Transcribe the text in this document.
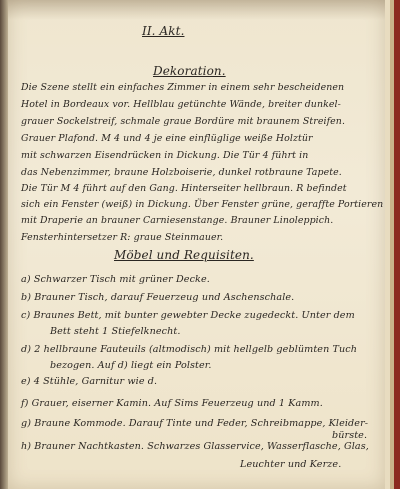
II. Akt.
Dekoration.
Die Szene stellt ein einfaches Zimmer in einem sehr bescheidenen
Hotel in Bordeaux vor. Hellblau getünchte Wände, breiter dunkel-
grauer Sockelstreif, schmale graue Bordüre mit braunem Streifen.
Grauer Plafond. M 4 und 4 je eine einflüglige weiße Holztür
mit schwarzen Eisendrücken in Dickung. Die Tür 4 führt in
das Nebenzimmer, braune Holzboiserie, dunkel rotbraune Tapete.
Die Tür M 4 führt auf den Gang. Hinterseiter hellbraun. R befindet
sich ein Fenster (weiß) in Dickung. Über Fenster grüne, geraffte Portieren
mit Draperie an brauner Carniesenstange. Brauner Linoleppich.
Fensterhintersetzer R: graue Steinmauer.
Möbel und Requisiten.
a) Schwarzer Tisch mit grüner Decke.
b) Brauner Tisch, darauf Feuerzeug und Aschenschale.
c) Braunes Bett, mit bunter gewebter Decke zugedeckt. Unter dem
Bett steht 1 Stiefelknecht.
d) 2 hellbraune Fauteuils (altmodisch) mit hellgelb geblümten Tuch
bezogen. Auf d) liegt ein Polster.
e) 4 Stühle, Garnitur wie d.
f) Grauer, eiserner Kamin. Auf Sims Feuerzeug und 1 Kamm.
g) Braune Kommode. Darauf Tinte und Feder, Schreibmappe, Kleider-
bürste.
h) Brauner Nachtkasten. Schwarzes Glasservice, Wasserflasche, Glas,
Leuchter und Kerze.
